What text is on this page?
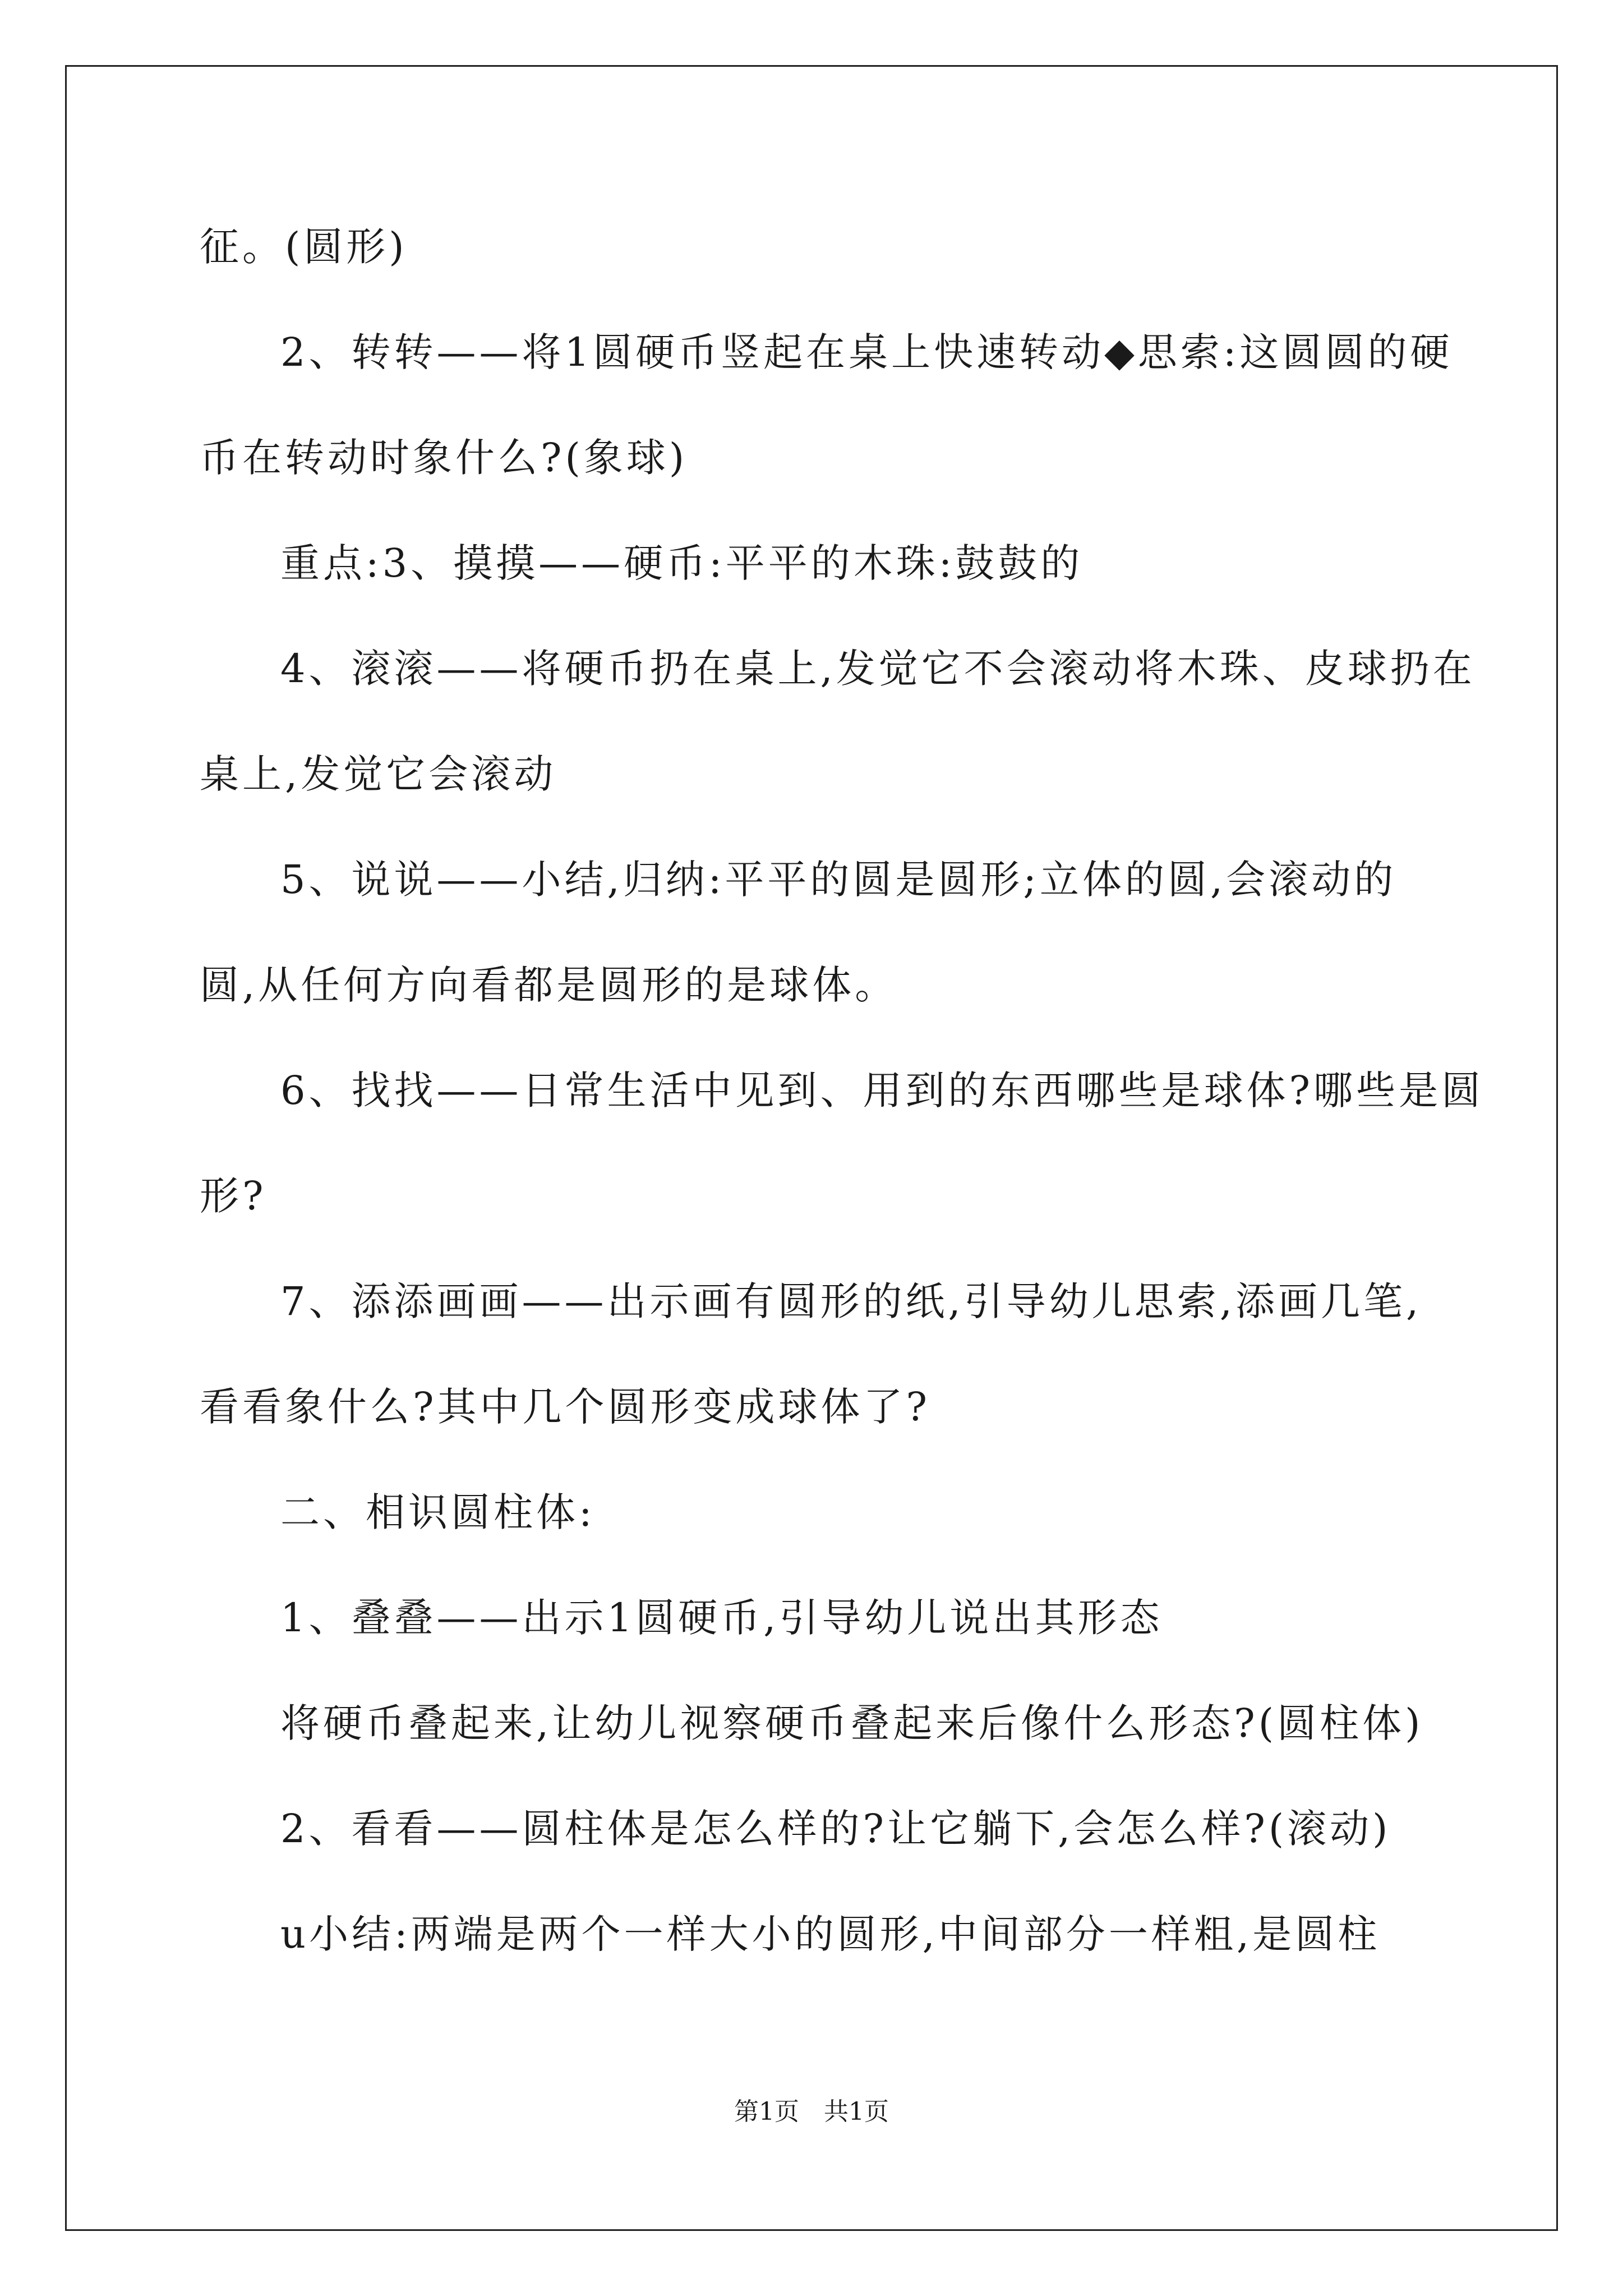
征。(圆形)
2、转转——将1圆硬币竖起在桌上快速转动◆思索:这圆圆的硬
币在转动时象什么?(象球)
重点:3、摸摸——硬币:平平的木珠:鼓鼓的
4、滚滚——将硬币扔在桌上,发觉它不会滚动将木珠、皮球扔在
桌上,发觉它会滚动
5、说说——小结,归纳:平平的圆是圆形;立体的圆,会滚动的
圆,从任何方向看都是圆形的是球体。
6、找找——日常生活中见到、用到的东西哪些是球体?哪些是圆
形?
7、添添画画——出示画有圆形的纸,引导幼儿思索,添画几笔,
看看象什么?其中几个圆形变成球体了?
二、相识圆柱体:
1、叠叠——出示1圆硬币,引导幼儿说出其形态
将硬币叠起来,让幼儿视察硬币叠起来后像什么形态?(圆柱体)
2、看看——圆柱体是怎么样的?让它躺下,会怎么样?(滚动)
u小结:两端是两个一样大小的圆形,中间部分一样粗,是圆柱
第1页　共1页
